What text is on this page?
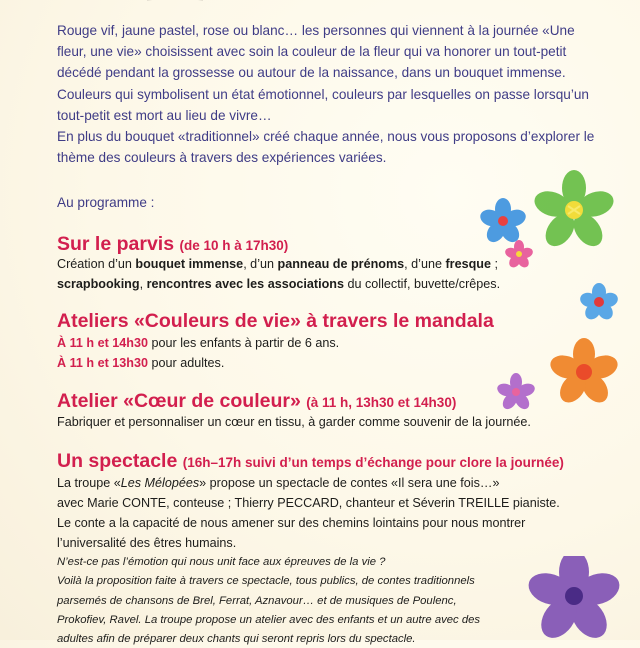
Rouge vif, jaune pastel, rose ou blanc… les personnes qui viennent à la journée «Une fleur, une vie» choisissent avec soin la couleur de la fleur qui va honorer un tout-petit décédé pendant la grossesse ou autour de la naissance, dans un bouquet immense. Couleurs qui symbolisent un état émotionnel, couleurs par lesquelles on passe lorsqu’un tout-petit est mort au lieu de vivre…

En plus du bouquet «traditionnel» créé chaque année, nous vous proposons d’explorer le thème des couleurs à travers des expériences variées.

Au programme :

Sur le parvis (de 10 h à 17h30)

Création d’un bouquet immense, d’un panneau de prénoms, d’une fresque ;

scrapbooking, rencontres avec les associations du collectif, buvette/crêpes.

Ateliers «Couleurs de vie» à travers le mandala

À 11 h et 14h30 pour les enfants à partir de 6 ans.

À 11 h et 13h30 pour adultes.

Atelier «Cœur de couleur» (à 11 h, 13h30 et 14h30)

Fabriquer et personnaliser un cœur en tissu, à garder comme souvenir de la journée.

Un spectacle (16h–17h suivi d’un temps d’échange pour clore la journée)

La troupe «Les Mélopées» propose un spectacle de contes «Il sera une fois…»

avec Marie CONTE, conteuse ; Thierry PECCARD, chanteur et Séverin TREILLE pianiste.

Le conte a la capacité de nous amener sur des chemins lointains pour nous montrer

l’universalité des êtres humains.

N’est-ce pas l’émotion qui nous unit face aux épreuves de la vie ?

Voilà la proposition faite à travers ce spectacle, tous publics, de contes traditionnels

parsemés de chansons de Brel, Ferrat, Aznavour… et de musiques de Poulenc,

Prokofiev, Ravel. La troupe propose un atelier avec des enfants et un autre avec des

adultes afin de préparer deux chants qui seront repris lors du spectacle.
